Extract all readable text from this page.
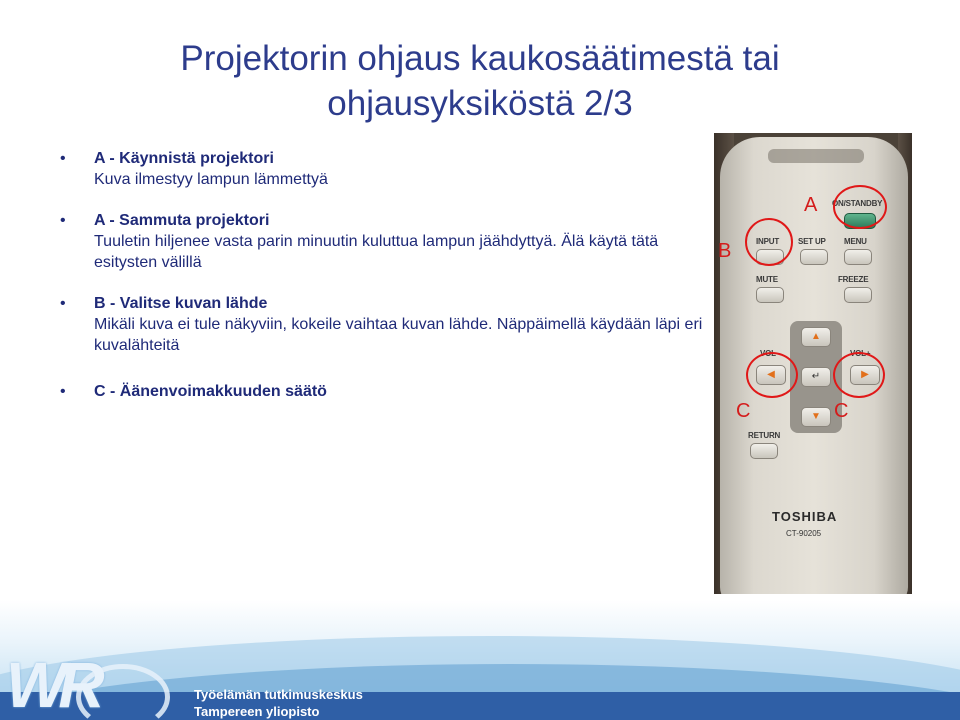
Projektorin ohjaus kaukosäätimestä tai
ohjausyksiköstä 2/3
• A - Käynnistä projektori
Kuva ilmestyy lampun lämmettyä
• A - Sammuta projektori
Tuuletin hiljenee vasta parin minuutin kuluttua lampun jäähdyttyä. Älä käytä tätä esitysten välillä
• B - Valitse kuvan lähde
Mikäli kuva ei tule näkyviin, kokeile vaihtaa kuvan lähde. Näppäimellä käydään läpi eri kuvalähteitä
• C - Äänenvoimakkuuden säätö
ON/STANDBY
INPUT SET UP MENU
MUTE	FREEZE
▲
↵
▼
VOL–	VOL+
◀	▶
RETURN
TOSHIBA
CT-90205
A
B
C	C
WR	Työelämän tutkimuskeskus
Tampereen yliopisto
